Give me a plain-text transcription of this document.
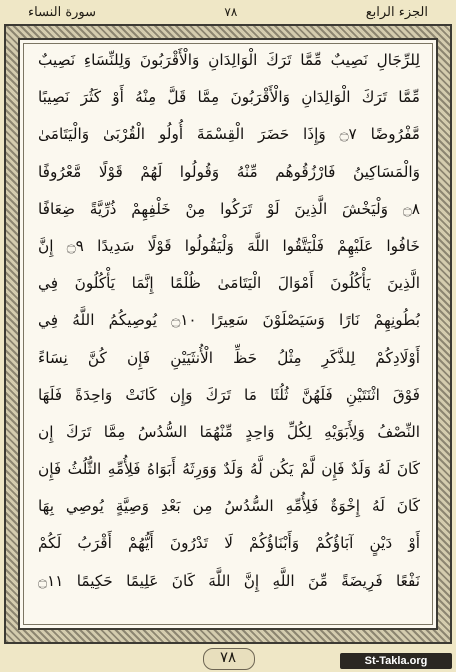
الجزء الرابع
٧٨
سورة النساء
لِلرِّجَالِ نَصِيبٌ مِّمَّا تَرَكَ الْوَالِدَانِ وَالْأَقْرَبُونَ وَلِلنِّسَاءِ نَصِيبٌ
مِّمَّا تَرَكَ الْوَالِدَانِ وَالْأَقْرَبُونَ مِمَّا قَلَّ مِنْهُ أَوْ كَثُرَ نَصِيبًا
مَّفْرُوضًا ۝٧ وَإِذَا حَضَرَ الْقِسْمَةَ أُولُو الْقُرْبَىٰ وَالْيَتَامَىٰ
وَالْمَسَاكِينُ فَارْزُقُوهُم مِّنْهُ وَقُولُوا لَهُمْ قَوْلًا مَّعْرُوفًا
۝٨ وَلْيَخْشَ الَّذِينَ لَوْ تَرَكُوا مِنْ خَلْفِهِمْ ذُرِّيَّةً ضِعَافًا
خَافُوا عَلَيْهِمْ فَلْيَتَّقُوا اللَّهَ وَلْيَقُولُوا قَوْلًا سَدِيدًا ۝٩ إِنَّ
الَّذِينَ يَأْكُلُونَ أَمْوَالَ الْيَتَامَىٰ ظُلْمًا إِنَّمَا يَأْكُلُونَ فِي
بُطُونِهِمْ نَارًا وَسَيَصْلَوْنَ سَعِيرًا ۝١٠ يُوصِيكُمُ اللَّهُ فِي
أَوْلَادِكُمْ لِلذَّكَرِ مِثْلُ حَظِّ الْأُنثَيَيْنِ فَإِن كُنَّ نِسَاءً
فَوْقَ اثْنَتَيْنِ فَلَهُنَّ ثُلُثَا مَا تَرَكَ وَإِن كَانَتْ وَاحِدَةً فَلَهَا
النِّصْفُ وَلِأَبَوَيْهِ لِكُلِّ وَاحِدٍ مِّنْهُمَا السُّدُسُ مِمَّا تَرَكَ إِن
كَانَ لَهُ وَلَدٌ فَإِن لَّمْ يَكُن لَّهُ وَلَدٌ وَوَرِثَهُ أَبَوَاهُ فَلِأُمِّهِ الثُّلُثُ فَإِن
كَانَ لَهُ إِخْوَةٌ فَلِأُمِّهِ السُّدُسُ مِن بَعْدِ وَصِيَّةٍ يُوصِي بِهَا
أَوْ دَيْنٍ آبَاؤُكُمْ وَأَبْنَاؤُكُمْ لَا تَدْرُونَ أَيُّهُمْ أَقْرَبُ لَكُمْ
نَفْعًا فَرِيضَةً مِّنَ اللَّهِ إِنَّ اللَّهَ كَانَ عَلِيمًا حَكِيمًا ۝١١
٧٨	St-Takla.org
